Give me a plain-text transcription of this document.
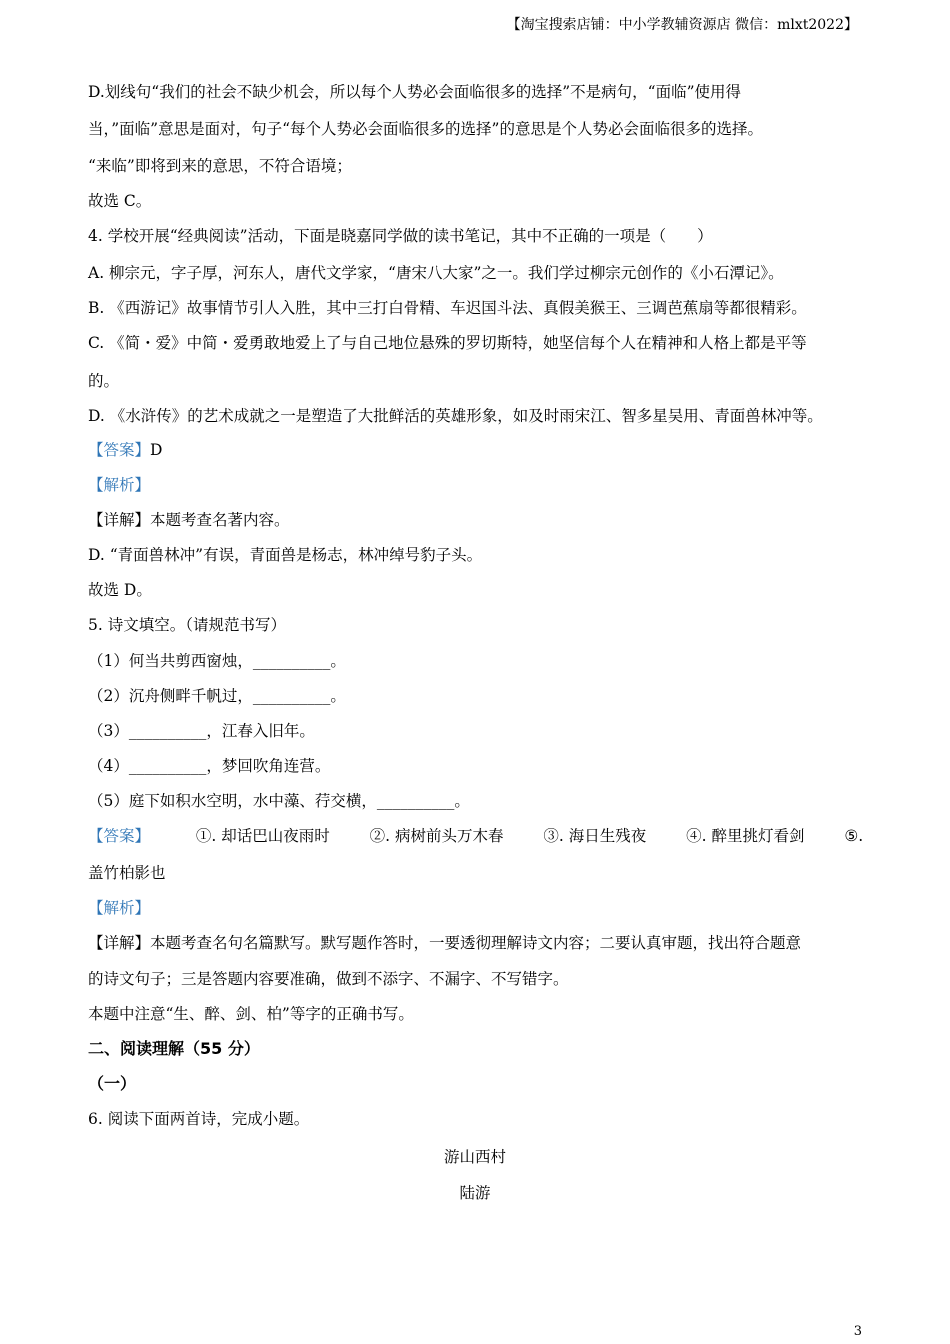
【淘宝搜索店铺：中小学教辅资源店 微信：mlxt2022】
D.划线句“我们的社会不缺少机会，所以每个人势必会面临很多的选择”不是病句，“面临”使用得
当，”面临”意思是面对，句子“每个人势必会面临很多的选择”的意思是个人势必会面临很多的选择。
“来临”即将到来的意思，不符合语境；
故选 C。
4. 学校开展“经典阅读”活动，下面是晓嘉同学做的读书笔记，其中不正确的一项是（　　）
A. 柳宗元，字子厚，河东人，唐代文学家，“唐宋八大家”之一。我们学过柳宗元创作的《小石潭记》。
B. 《西游记》故事情节引人入胜，其中三打白骨精、车迟国斗法、真假美猴王、三调芭蕉扇等都很精彩。
C. 《简・爱》中简・爱勇敢地爱上了与自己地位悬殊的罗切斯特，她坚信每个人在精神和人格上都是平等
的。
D. 《水浒传》的艺术成就之一是塑造了大批鲜活的英雄形象，如及时雨宋江、智多星吴用、青面兽林冲等。
【答案】D
【解析】
【详解】本题考查名著内容。
D. “青面兽林冲”有误，青面兽是杨志，林冲绰号豹子头。
故选 D。
5. 诗文填空。（请规范书写）
（1）何当共剪西窗烛，__________。
（2）沉舟侧畔千帆过，__________。
（3）__________，江春入旧年。
（4）__________，梦回吹角连营。
（5）庭下如积水空明，水中藻、荇交横，__________。
【答案】	①. 却话巴山夜雨时	②. 病树前头万木春	③. 海日生残夜	④. 醉里挑灯看剑	⑤.
盖竹柏影也
【解析】
【详解】本题考查名句名篇默写。默写题作答时，一要透彻理解诗文内容；二要认真审题，找出符合题意
的诗文句子；三是答题内容要准确，做到不添字、不漏字、不写错字。
本题中注意“生、醉、剑、柏”等字的正确书写。
二、阅读理解（55 分）
（一）
6. 阅读下面两首诗，完成小题。
游山西村
陆游
3
